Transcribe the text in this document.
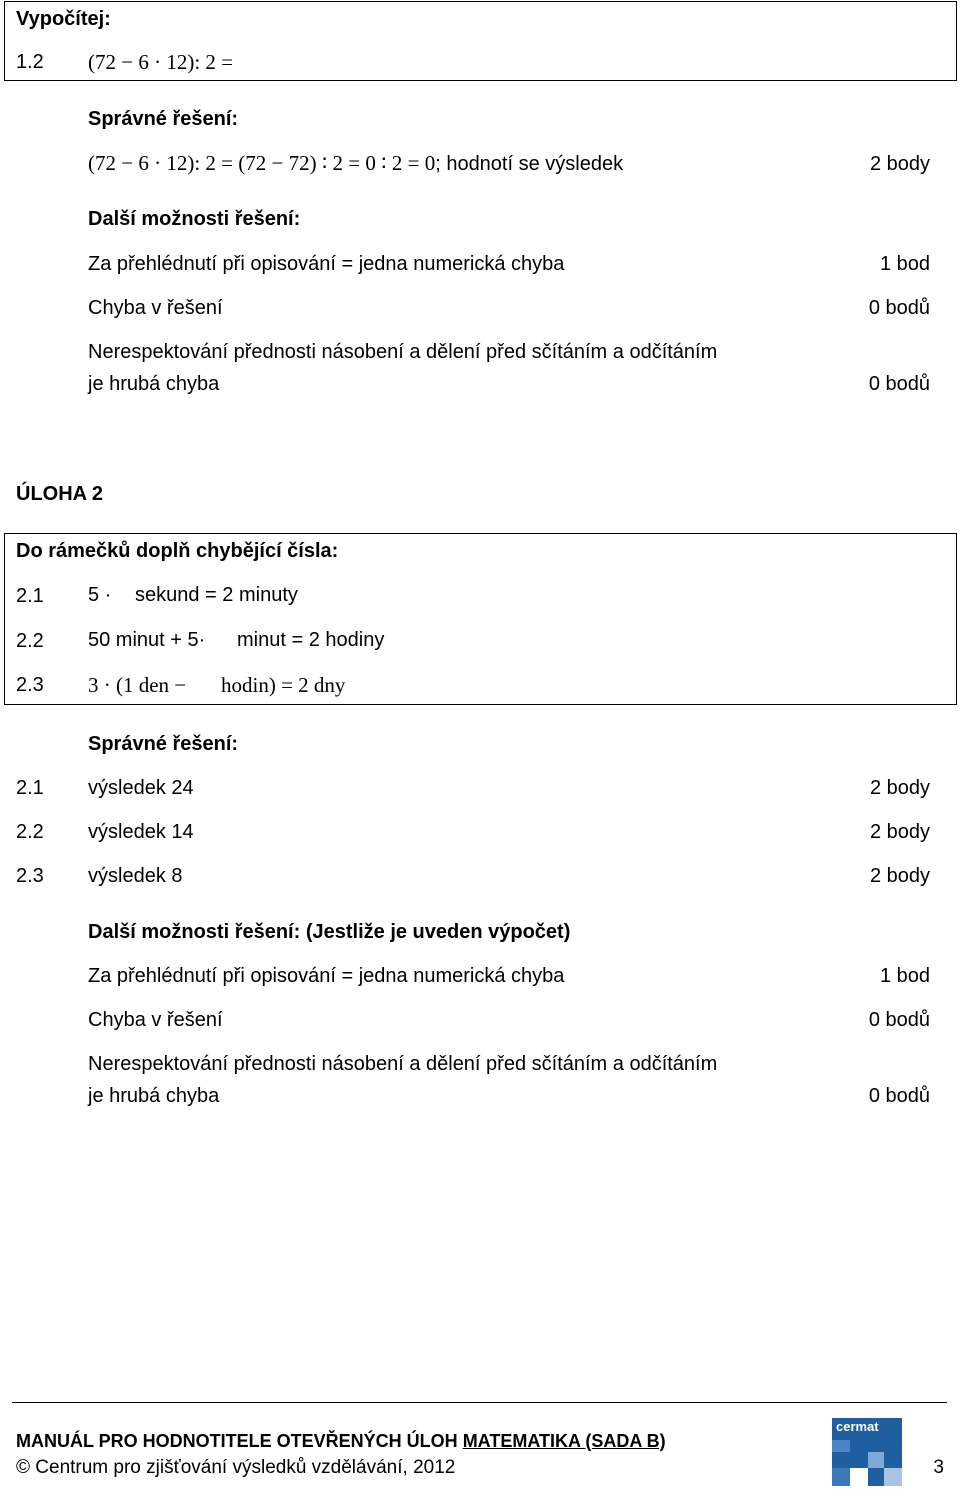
Vypočítej:
1.2 (72 − 6 · 12): 2 =
Správné řešení:
(72 − 6 · 12): 2 = (72 − 72) ∶ 2 = 0 ∶ 2 = 0; hodnotí se výsledek	2 body
Další možnosti řešení:
Za přehlédnutí při opisování = jedna numerická chyba	1 bod
Chyba v řešení	0 bodů
Nerespektování přednosti násobení a dělení před sčítáním a odčítáním
je hrubá chyba	0 bodů
ÚLOHA 2
Do rámečků doplň chybějící čísla:
2.1 5 · sekund = 2 minuty
2.2 50 minut + 5· minut = 2 hodiny
2.3 3 · (1 den − hodin) = 2 dny
Správné řešení:
2.1 výsledek 24	2 body
2.2 výsledek 14	2 body
2.3 výsledek 8	2 body
Další možnosti řešení: (Jestliže je uveden výpočet)
Za přehlédnutí při opisování = jedna numerická chyba	1 bod
Chyba v řešení	0 bodů
Nerespektování přednosti násobení a dělení před sčítáním a odčítáním
je hrubá chyba	0 bodů
MANUÁL PRO HODNOTITELE OTEVŘENÝCH ÚLOH MATEMATIKA (SADA B)
© Centrum pro zjišťování výsledků vzdělávání, 2012	3
cermat
